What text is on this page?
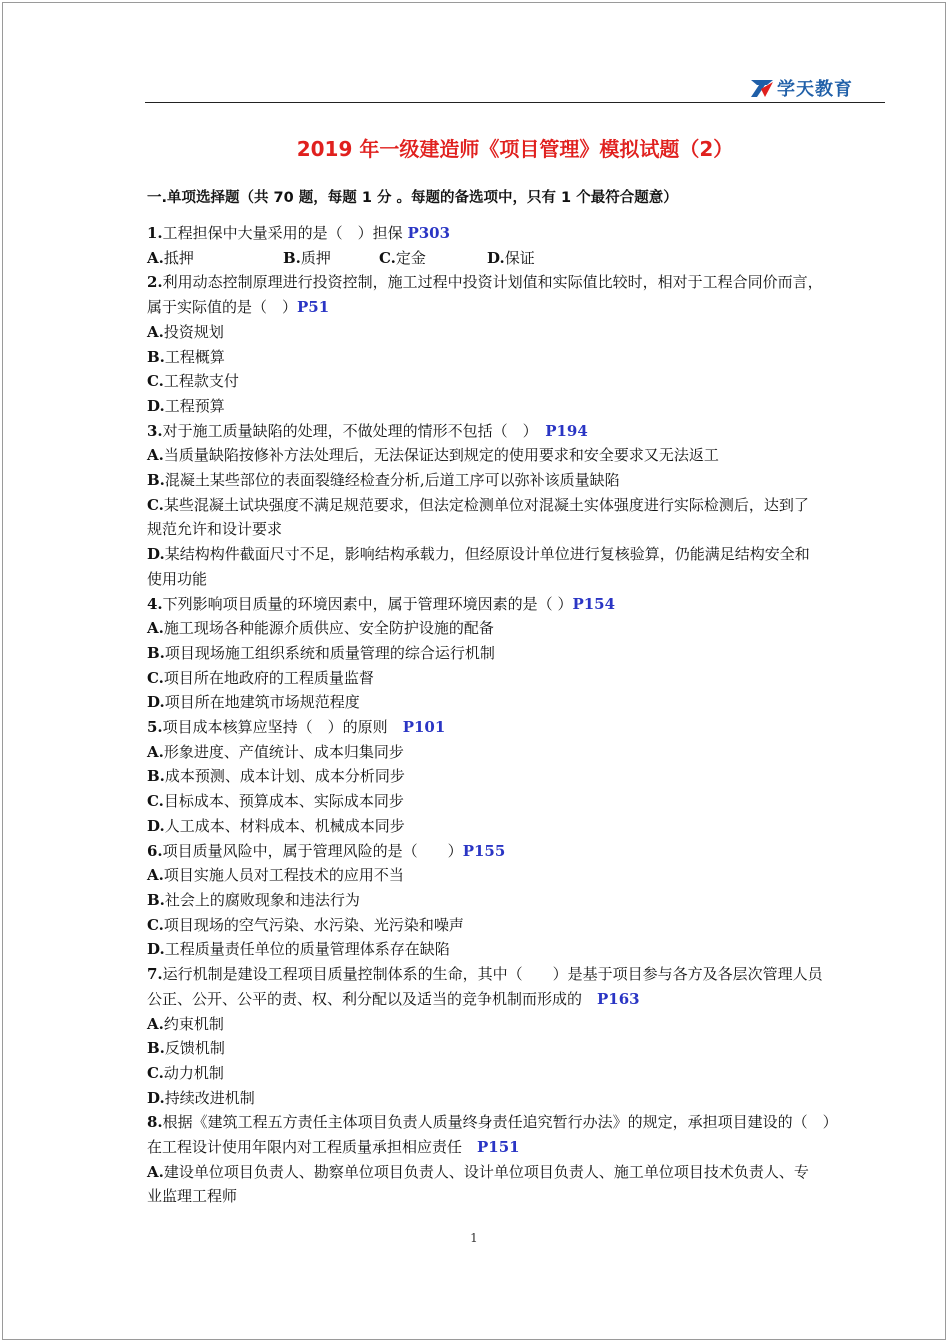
学天教育
2019 年一级建造师《项目管理》模拟试题（2）
一.单项选择题（共 70 题，每题 1 分 。每题的备选项中，只有 1 个最符合题意）
1.工程担保中大量采用的是（　）担保 P303
A.抵押	B.质押	C.定金	D.保证
2.利用动态控制原理进行投资控制，施工过程中投资计划值和实际值比较时，相对于工程合同价而言，
属于实际值的是（　）P51
A.投资规划
B.工程概算
C.工程款支付
D.工程预算
3.对于施工质量缺陷的处理，不做处理的情形不包括（　）　P194
A.当质量缺陷按修补方法处理后，无法保证达到规定的使用要求和安全要求又无法返工
B.混凝土某些部位的表面裂缝经检查分析,后道工序可以弥补该质量缺陷
C.某些混凝土试块强度不满足规范要求，但法定检测单位对混凝土实体强度进行实际检测后，达到了
规范允许和设计要求
D.某结构构件截面尺寸不足，影响结构承载力，但经原设计单位进行复核验算，仍能满足结构安全和
使用功能
4.下列影响项目质量的环境因素中，属于管理环境因素的是（ ）P154
A.施工现场各种能源介质供应、安全防护设施的配备
B.项目现场施工组织系统和质量管理的综合运行机制
C.项目所在地政府的工程质量监督
D.项目所在地建筑市场规范程度
5.项目成本核算应坚持（　）的原则　P101
A.形象进度、产值统计、成本归集同步
B.成本预测、成本计划、成本分析同步
C.目标成本、预算成本、实际成本同步
D.人工成本、材料成本、机械成本同步
6.项目质量风险中，属于管理风险的是（　　）P155
A.项目实施人员对工程技术的应用不当
B.社会上的腐败现象和违法行为
C.项目现场的空气污染、水污染、光污染和噪声
D.工程质量责任单位的质量管理体系存在缺陷
7.运行机制是建设工程项目质量控制体系的生命，其中（　　）是基于项目参与各方及各层次管理人员
公正、公开、公平的责、权、利分配以及适当的竞争机制而形成的　P163
A.约束机制
B.反馈机制
C.动力机制
D.持续改进机制
8.根据《建筑工程五方责任主体项目负责人质量终身责任追究暂行办法》的规定，承担项目建设的（　）
在工程设计使用年限内对工程质量承担相应责任　P151
A.建设单位项目负责人、勘察单位项目负责人、设计单位项目负责人、施工单位项目技术负责人、专
业监理工程师
1
